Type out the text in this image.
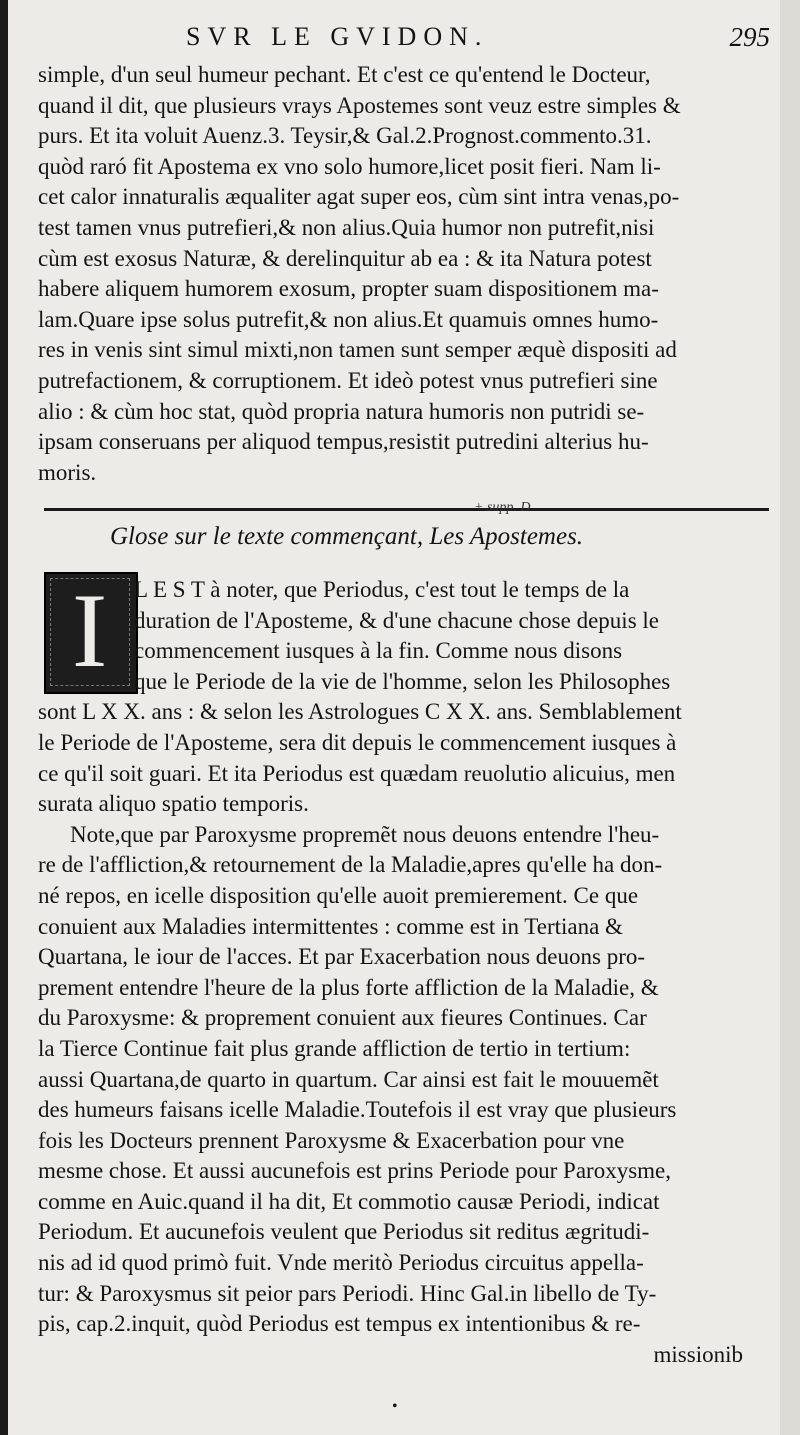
SVR LE GVIDON.	295
simple, d'un seul humeur pechant. Et c'est ce qu'entend le Docteur,
quand il dit, que plusieurs vrays Apostemes sont veuz estre simples &
purs. Et ita voluit Auenz.3. Teysir,& Gal.2.Prognost.commento.31.
quòd raró fit Apostema ex vno solo humore,licet posit fieri. Nam li-
cet calor innaturalis æqualiter agat super eos, cùm sint intra venas,po-
test tamen vnus putrefieri,& non alius.Quia humor non putrefit,nisi
cùm est exosus Naturæ, & derelinquitur ab ea : & ita Natura potest
habere aliquem humorem exosum, propter suam dispositionem ma-
lam.Quare ipse solus putrefit,& non alius.Et quamuis omnes humo-
res in venis sint simul mixti,non tamen sunt semper æquè dispositi ad
putrefactionem, & corruptionem. Et ideò potest vnus putrefieri sine
alio : & cùm hoc stat, quòd propria natura humoris non putridi se-
ipsam conseruans per aliquod tempus,resistit putredini alterius hu-
moris.
+ supp. D
Glose sur le texte commençant, Les Apostemes.
I	L E S T à noter, que Periodus, c'est tout le temps de la
duration de l'Aposteme, & d'une chacune chose depuis le
commencement iusques à la fin. Comme nous disons
que le Periode de la vie de l'homme, selon les Philosophes
sont L X X. ans : & selon les Astrologues C X X. ans. Semblablement
le Periode de l'Aposteme, sera dit depuis le commencement iusques à
ce qu'il soit guari. Et ita Periodus est quædam reuolutio alicuius, men
surata aliquo spatio temporis.
Note,que par Paroxysme propremẽt nous deuons entendre l'heu-
re de l'affliction,& retournement de la Maladie,apres qu'elle ha don-
né repos, en icelle disposition qu'elle auoit premierement. Ce que
conuient aux Maladies intermittentes : comme est in Tertiana &
Quartana, le iour de l'acces. Et par Exacerbation nous deuons pro-
prement entendre l'heure de la plus forte affliction de la Maladie, &
du Paroxysme: & proprement conuient aux fieures Continues. Car
la Tierce Continue fait plus grande affliction de tertio in tertium:
aussi Quartana,de quarto in quartum. Car ainsi est fait le mouuemẽt
des humeurs faisans icelle Maladie.Toutefois il est vray que plusieurs
fois les Docteurs prennent Paroxysme & Exacerbation pour vne
mesme chose. Et aussi aucunefois est prins Periode pour Paroxysme,
comme en Auic.quand il ha dit, Et commotio causæ Periodi, indicat
Periodum. Et aucunefois veulent que Periodus sit reditus ægritudi-
nis ad id quod primò fuit. Vnde meritò Periodus circuitus appella-
tur: & Paroxysmus sit peior pars Periodi. Hinc Gal.in libello de Ty-
pis, cap.2.inquit, quòd Periodus est tempus ex intentionibus & re-
missionib
•
